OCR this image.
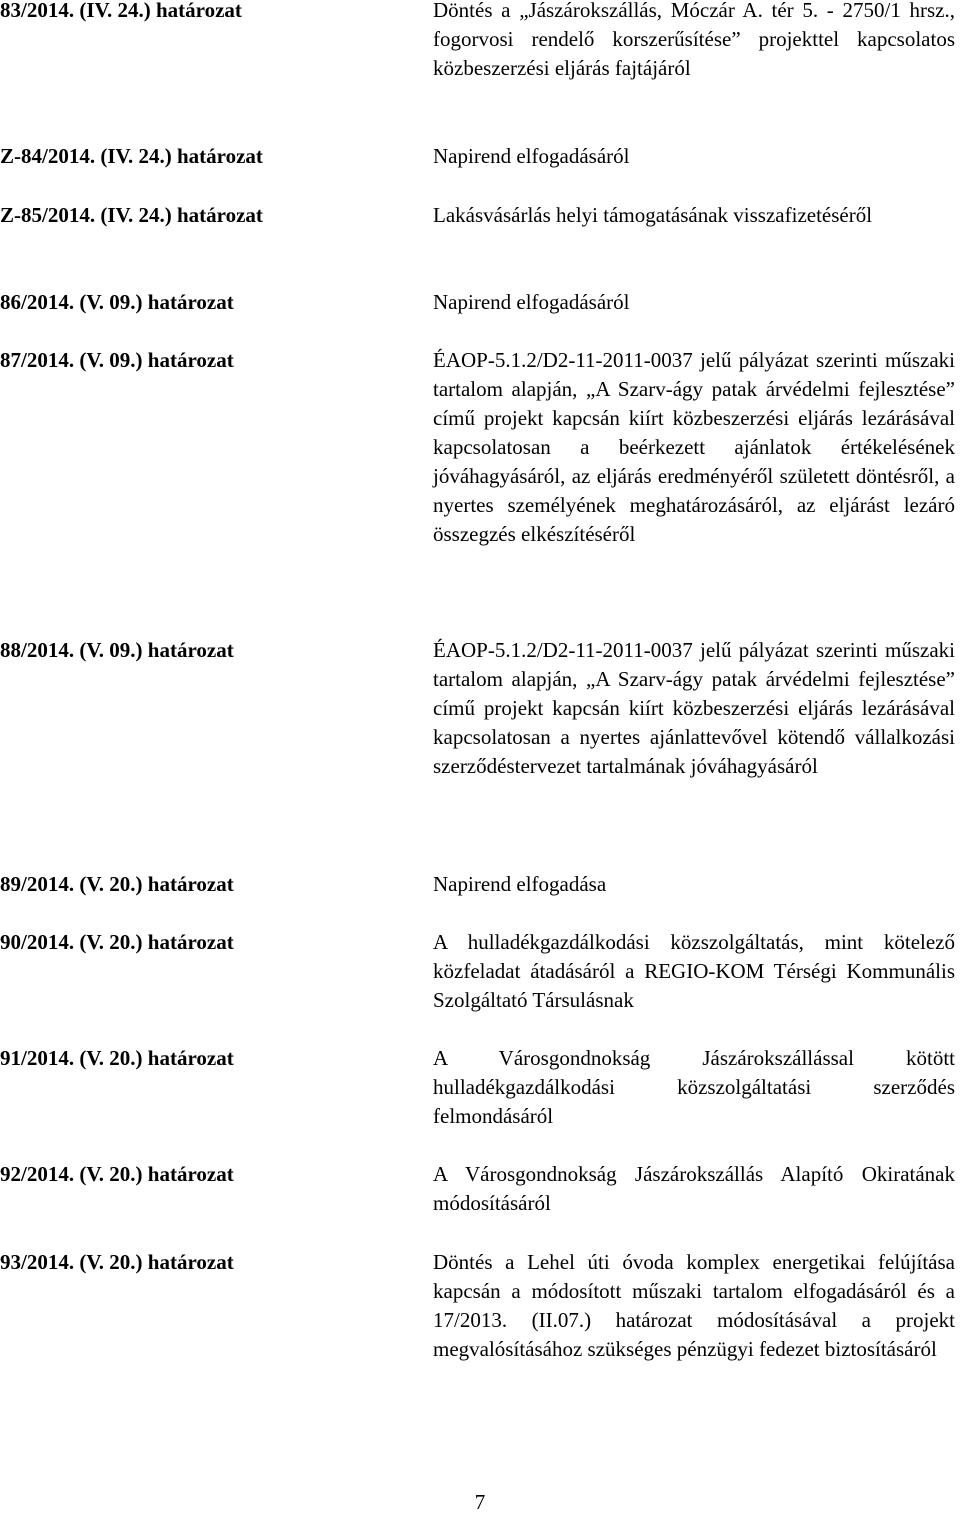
83/2014. (IV. 24.) határozat	Döntés a „Jászárokszállás, Móczár A. tér 5. - 2750/1 hrsz., fogorvosi rendelő korszerűsítése” projekttel kapcsolatos közbeszerzési eljárás fajtájáról
Z-84/2014. (IV. 24.) határozat	Napirend elfogadásáról
Z-85/2014. (IV. 24.) határozat	Lakásvásárlás helyi támogatásának visszafizetéséről
86/2014. (V. 09.) határozat	Napirend elfogadásáról
87/2014. (V. 09.) határozat	ÉAOP-5.1.2/D2-11-2011-0037 jelű pályázat szerinti műszaki tartalom alapján, „A Szarv-ágy patak árvédelmi fejlesztése” című projekt kapcsán kiírt közbeszerzési eljárás lezárásával kapcsolatosan a beérkezett ajánlatok értékelésének jóváhagyásáról, az eljárás eredményéről született döntésről, a nyertes személyének meghatározásáról, az eljárást lezáró összegzés elkészítéséről
88/2014. (V. 09.) határozat	ÉAOP-5.1.2/D2-11-2011-0037 jelű pályázat szerinti műszaki tartalom alapján, „A Szarv-ágy patak árvédelmi fejlesztése” című projekt kapcsán kiírt közbeszerzési eljárás lezárásával kapcsolatosan a nyertes ajánlattevővel kötendő vállalkozási szerződéstervezet tartalmának jóváhagyásáról
89/2014. (V. 20.) határozat	Napirend elfogadása
90/2014. (V. 20.) határozat	A hulladékgazdálkodási közszolgáltatás, mint kötelező közfeladat átadásáról a REGIO-KOM Térségi Kommunális Szolgáltató Társulásnak
91/2014. (V. 20.) határozat	A Városgondnokság Jászárokszállással kötött hulladékgazdálkodási közszolgáltatási szerződés felmondásáról
92/2014. (V. 20.) határozat	A Városgondnokság Jászárokszállás Alapító Okiratának módosításáról
93/2014. (V. 20.) határozat	Döntés a Lehel úti óvoda komplex energetikai felújítása kapcsán a módosított műszaki tartalom elfogadásáról és a 17/2013. (II.07.) határozat módosításával a projekt megvalósításához szükséges pénzügyi fedezet biztosításáról
7
